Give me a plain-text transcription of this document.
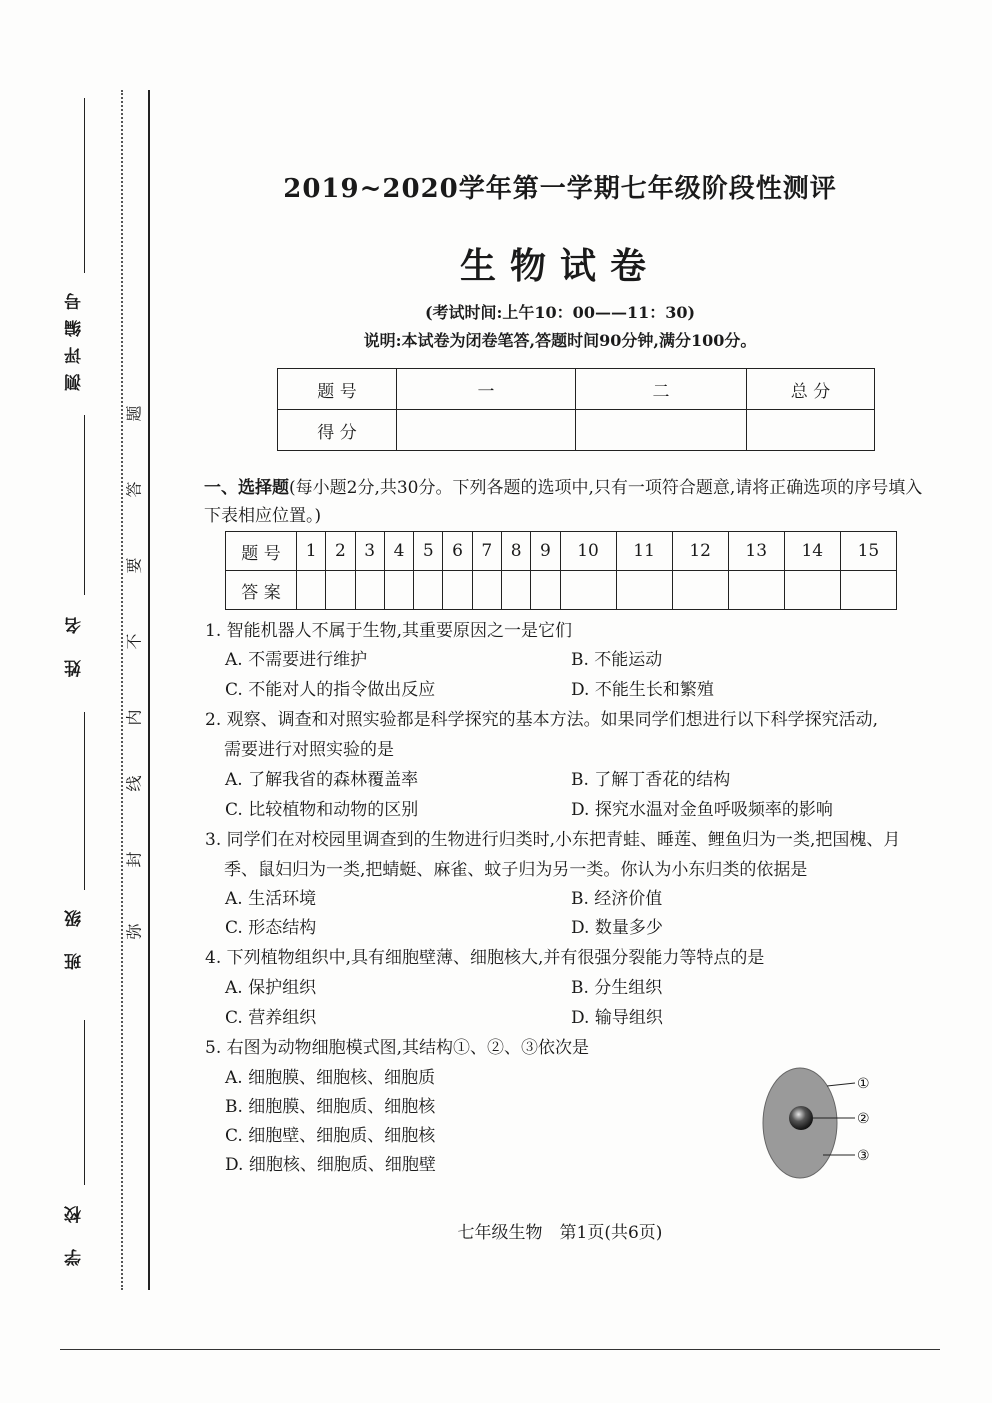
测评编号
姓 名
班 级
学 校
题
答
要
不
内
线
封
弥
2019~2020学年第一学期七年级阶段性测评
生物试卷
(考试时间:上午10：00——11：30)
说明:本试卷为闭卷笔答,答题时间90分钟,满分100分。
题 号	一	二	总 分
得 分			
一、选择题(每小题2分,共30分。下列各题的选项中,只有一项符合题意,请将正确选项的序号填入下表相应位置。)
题 号	1	2	3	4	5	6	7	8	9	10	11	12	13	14	15
答 案															
1. 智能机器人不属于生物,其重要原因之一是它们
A. 不需要进行维护	B. 不能运动
C. 不能对人的指令做出反应	D. 不能生长和繁殖
2. 观察、调查和对照实验都是科学探究的基本方法。如果同学们想进行以下科学探究活动,
需要进行对照实验的是
A. 了解我省的森林覆盖率	B. 了解丁香花的结构
C. 比较植物和动物的区别	D. 探究水温对金鱼呼吸频率的影响
3. 同学们在对校园里调查到的生物进行归类时,小东把青蛙、睡莲、鲤鱼归为一类,把国槐、月
季、鼠妇归为一类,把蜻蜓、麻雀、蚊子归为另一类。你认为小东归类的依据是
A. 生活环境	B. 经济价值
C. 形态结构	D. 数量多少
4. 下列植物组织中,具有细胞壁薄、细胞核大,并有很强分裂能力等特点的是
A. 保护组织	B. 分生组织
C. 营养组织	D. 输导组织
5. 右图为动物细胞模式图,其结构①、②、③依次是
A. 细胞膜、细胞核、细胞质
B. 细胞膜、细胞质、细胞核
C. 细胞壁、细胞质、细胞核
D. 细胞核、细胞质、细胞壁
①
②
③
七年级生物　第1页(共6页)
